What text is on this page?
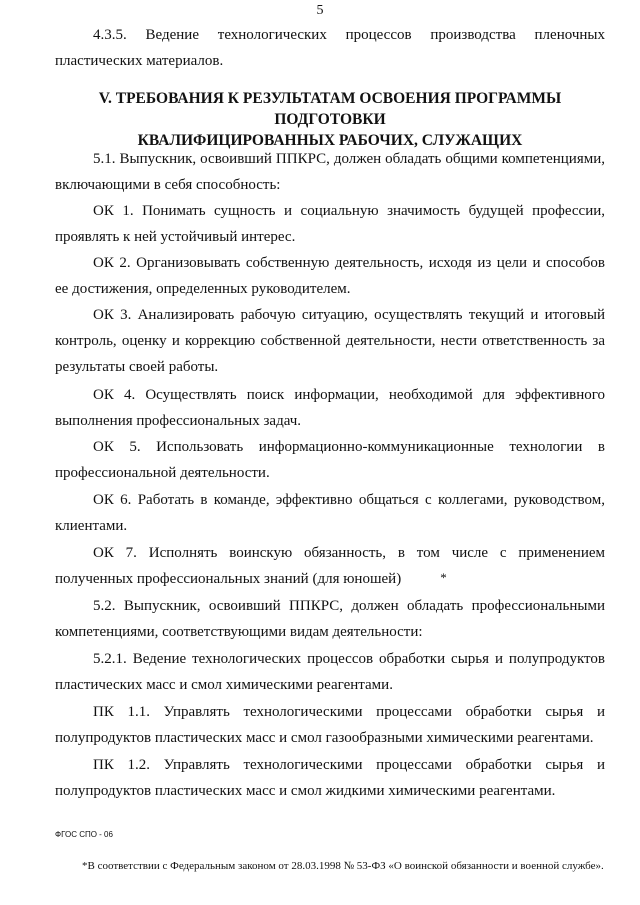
5

4.3.5. Ведение технологических процессов производства пленочных пластических материалов.

V. ТРЕБОВАНИЯ К РЕЗУЛЬТАТАМ ОСВОЕНИЯ ПРОГРАММЫ ПОДГОТОВКИ
КВАЛИФИЦИРОВАННЫХ РАБОЧИХ, СЛУЖАЩИХ

5.1. Выпускник, освоивший ППКРС, должен обладать общими компетенциями, включающими в себя способность:

ОК 1. Понимать сущность и социальную значимость будущей профессии, проявлять к ней устойчивый интерес.

ОК 2. Организовывать собственную деятельность, исходя из цели и способов ее достижения, определенных руководителем.

ОК 3. Анализировать рабочую ситуацию, осуществлять текущий и итоговый контроль, оценку и коррекцию собственной деятельности, нести ответственность за результаты своей работы.

ОК 4. Осуществлять поиск информации, необходимой для эффективного выполнения профессиональных задач.

ОК 5. Использовать информационно-коммуникационные технологии в профессиональной деятельности.

ОК 6. Работать в команде, эффективно общаться с коллегами, руководством, клиентами.

ОК 7. Исполнять воинскую обязанность, в том числе с применением полученных профессиональных знаний (для юношей)	*

5.2. Выпускник, освоивший ППКРС, должен обладать профессиональными компетенциями, соответствующими видам деятельности:

5.2.1. Ведение технологических процессов обработки сырья и полупродуктов пластических масс и смол химическими реагентами.

ПК 1.1. Управлять технологическими процессами обработки сырья и полупродуктов пластических масс и смол газообразными химическими реагентами.

ПК 1.2. Управлять технологическими процессами обработки сырья и полупродуктов пластических масс и смол жидкими химическими реагентами.

ФГОС СПО - 06
*В соответствии с Федеральным законом от 28.03.1998 № 53-ФЗ «О воинской обязанности и военной службе».
